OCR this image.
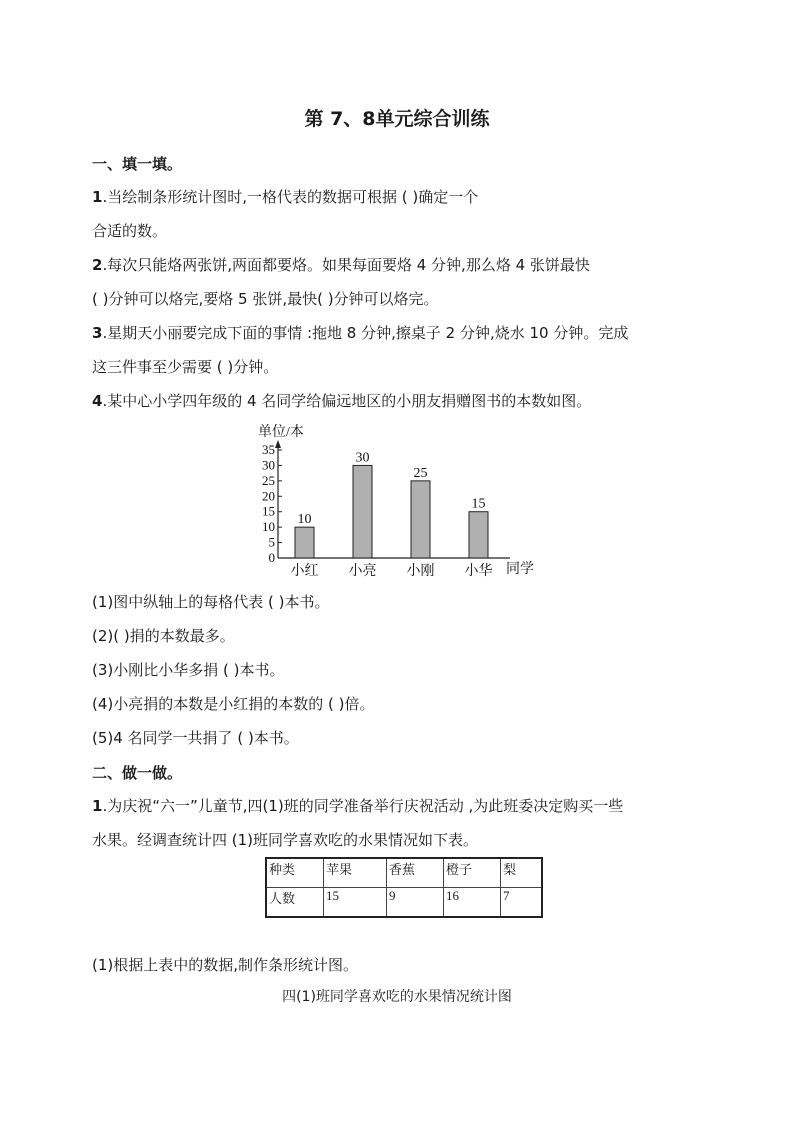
第 7、8单元综合训练
一、填一填。
1.当绘制条形统计图时,一格代表的数据可根据 ( )确定一个
合适的数。
2.每次只能烙两张饼,两面都要烙。如果每面要烙 4 分钟,那么烙 4 张饼最快
( )分钟可以烙完,要烙 5 张饼,最快( )分钟可以烙完。
3.星期天小丽要完成下面的事情 :拖地 8 分钟,擦桌子 2 分钟,烧水 10 分钟。完成
这三件事至少需要 ( )分钟。
4.某中心小学四年级的 4 名同学给偏远地区的小朋友捐赠图书的本数如图。
单位/本
同学
0
5
10
15
20
25
30
35
10
小红
30
小亮
25
小刚
15
小华
(1)图中纵轴上的每格代表 ( )本书。
(2)( )捐的本数最多。
(3)小刚比小华多捐 ( )本书。
(4)小亮捐的本数是小红捐的本数的 ( )倍。
(5)4 名同学一共捐了 ( )本书。
二、做一做。
1.为庆祝“六一”儿童节,四(1)班的同学准备举行庆祝活动 ,为此班委决定购买一些
水果。经调查统计四 (1)班同学喜欢吃的水果情况如下表。
种类	苹果	香蕉	橙子	梨
人数	15	9	16	7
(1)根据上表中的数据,制作条形统计图。
四(1)班同学喜欢吃的水果情况统计图
